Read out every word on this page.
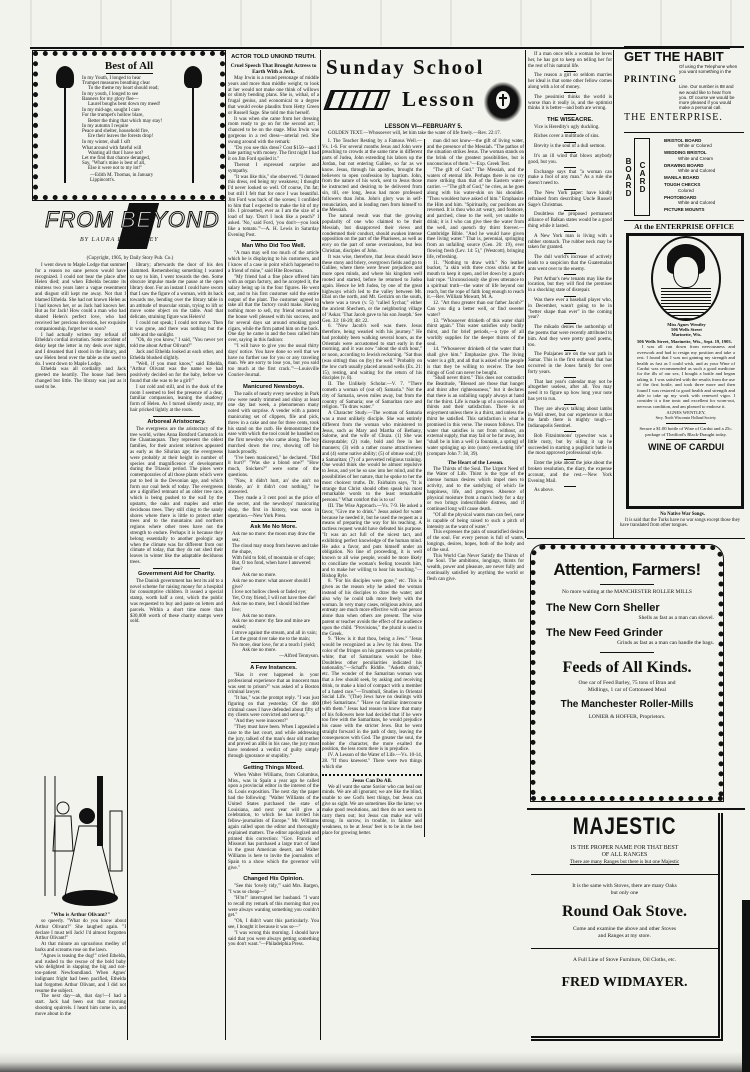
Best of All
In my Youth, I longed to hear
Trumpet measures breathing clear
To the theme my heart should read;
In my youth, I longed to see
Banners for my glory flee—
Laurel boughs bent down my meed!
In my mid-age, sought I care
For the trumpet's hollow blare,
Better the thing that which may stay!
In my autumn I require
Peace and shelter, household fire,
Ere their leaves the forests drop!
In my winter, shall I sift
What around with fateful will
Wanting all that I have not?
Let me find that chance deranged,
Say, "What's mine is best of all,
Else it were not to my lot!"
—Edith M. Thomas, in January Lippincott's.
FROM BEYOND
BY LAURA L. HINKLEY
(Copyright, 1905, by Daily Story Pub. Co.)

I went down to Maple Lodge that summer for a reason no sane person would have recognized. I could not bear the place after Helen died; and when Ethelda became its mistress two years later a vague resentment and disgust still kept me away. Not that I blamed Ethelda. She had not known Helen as I had known her, or as Jack had known her. But as for Jack! How could a man who had shared Helen's perfect love, who had received her precious devotion, her exquisite companionship, forget her so soon?

I had actually written my refusal of Ethelda's cordial invitation. Some accident of delay kept the letter in my desk over night, and I dreamed that I stood in the library, and saw Helen bend over the table as she used to do. I went down to Maple Lodge.

Ethelda was all cordiality and Jack greeted me heartily. The house had been changed but little. The library was just as it used to be.

"Who is Arthur Olivant?"

so queerly. "What do you know about Arthur Olivant?" She laughed again. "I declare I must tell Jack! I'd almost forgotten Arthur Olivant!"

At that minute an uproarious medley of barks and screams rose on the lawn.

"Agnes is teasing the dog!" cried Ethelda, and rushed to the rescue of the bold baby who delighted in slapping the big and not-too-patient Newfoundland. When Agnes' indignant fright had been pacified, Ethelda had forgotten Arthur Olivant, and I did not resume the subject.

The next day—ah, that day!—I had a start. Jack had been out that morning shooting squirrels. I heard him come in, and move about in the

library; afterwards the door of his den slammed. Remembering something I wanted to say to him, I went towards the den. Some obscure impulse made me pause at the open library door. For an instant I could have sworn that I saw the figure of a woman, with its back towards me, bending over the library table in an attitude of muscular strain, trying to lift or move some object on the table. And that delicate, straining figure was Helen's!

I could not speak; I could not move. Then it was gone, and there was nothing but the table and the sunlight.

"Oh, do you know," I said, "You never yet told me about Arthur Olivant?"

Jack and Ethelda looked at each other, and Ethelda blushed slightly.

"Well, if you must know," said Ethelda, "Arthur Olivant was the name we had positively decided on for the baby, before we found that she was to be a girl!"

I sat cold and still, and in the dusk of the room I seemed to feel the presence of a dear, familiar compassion, leaning the shadowy form of Helen. As I turned silently away, my hair pricked lightly at the roots.

Arboreal Aristocracy.

The evergreens are the aristocracy of the tree world, writes Anna Botsford Comstock in the Chautauquan. They represent the oldest families, for their ancient relatives appeared as early as the Silurian age; the evergreens were probably at their height in number of species and magnificence of development during the Triassic period. The pines were contemporaries of all those plants which were put to bed in the Devonian age, and which form our coal beds of today. The evergreens are a dignified remnant of an older tree race, which is being pushed to the wall by the upstarts, the oaks and maples and other deciduous trees. They still cling to the sandy shores where there is little to protect other trees and to the mountains and northern regions where other trees have not the strength to endure. Perhaps it is because they belong essentially to another geologic age when the climate was far different from our climate of today, that they do not shed their leaves in winter like the adaptable deciduous trees.

Government Aid for Charity.

The Danish government has lent its aid to a novel scheme for raising money for a hospital for consumptive children. It issued a special stamp, worth half a cent, which the public was requested to buy and paste on letters and parcels. Within a short time more than $30,000 worth of these charity stamps were sold.

ACTOR TOLD UNKIND TRUTH.
Cruel Speech That Brought Actress to Earth With a Jerk.

May Irwin is a round personage of middle years and more than middle weight; to look at her would not make one think of willows or slimly bending plans. She is, withal, of a frugal genius, and economical to a degree that would evoke plaudits from Hetty Green or Russell Sage. She told me this herself.

It was when she came from her dressing room ready to go on for the second act; I chanced to be on the stage. Miss Irwin was gorgeous in a red dress—arterial red. She swung around with the remark:

"Do you see this dress? Cost $150—and I hate parting with money. The first night I had it on Jim Ford spoiled it."

Thereat I expressed surprise and sympathy.

"It was like this," she observed. "I donned this dress, red being my weakness; I thought I'd never looked so well. Of course, I'm fat; but still I felt that for once I was beautiful. Jim Ford was back of the scenes; I confided to him that I expected to make the hit of my life. I pirouetted, ever as I am the size of a load of hay. 'Don't I look like a peach?' I asked. 'No,' said Ford, 'you don't—you look like a tomato.'"—A. H. Lewis in Saturday Evening Post.

Man Who Did Too Well.

"A man may sell too much of the article which he is displaying to his customers, and I know of a case in point which happened to a friend of mine," said Hite Bowman.

"My friend had a fine place offered him with an organ factory, and he accepted it, the salary being up in the four figures. He went out, and to his first customer sold the entire output of the plant. The customer agreed to take all that the factory could make. Having nothing more to sell, my friend returned to the house well pleased with his success, and for several days sat around smoking good cigars, while the firm patted him on the back. One day he came in and the boss called him over, saying in this fashion:

"'I will have to give you the usual thirty days' notice. You have done so well that we have no further use for you or any traveling man. We are sorry to lose you, but you sold too much at the first crack.'"—Louisville Courier-Journal.

Manicured Newsboys.

The nails of nearly every newsboy in Park row were neatly trimmed and shiny at least one day last week, a phenomenon many noted with surprise. A vender with a patent manicuring set of clippers, file and pick, threw in a cake and one for three cents, took his stand on the curb. He demonstrated the ease with which the tool could be handled on the first newsboy who came along. The boy marched down the row, showing off his hands proudly.

"I've been manicured," he declared. "Did it hurt?" "Was she a blond one?" "How much, Snickers?" were some of the questions.

"Naw, it didn't hurt, an' she ain't no blonde, an' it didn't cost nothing," he answered.

They made a 3 cent pool as the price of the secret, and the newsboys' manicuring shop, the first in history, was soon in operation.—New York Press.

Ask Me No More.
Ask me no more: the moon may draw the sea;
The cloud may stoop from heaven and take the shape,
With fold to fold, of mountain or of cape;
But, O too fond, when have I answered thee?
Ask me no more.
Ask me no more: what answer should I give?
I love not hollow cheek or faded eye;
Yet, O my friend, I will not have thee die!
Ask me no more, lest I should bid thee live;
Ask me no more.
Ask me no more: thy fate and mine are sealed;
I strove against the stream, and all in vain;
Let the great river take me to the main;
No more, dear love, for at a touch I yield;
Ask me no more.
—Alfred Tennyson.
A Few Instances.

"Has it ever happened in your professional experience that an innocent man was sent to prison?" was asked of a Boston criminal lawyer.

"It has," was the prompt reply. "I was just figuring on that yesterday. Of the 400 criminal cases I have defended about fifty of my clients were convicted and sent up."

"And they were innocent?"

"They must have been. When I appealed a case to the last court, and while addressing the jury, talked of the man's dear old mother and proved an alibi in his case, the jury must have rendered a verdict of guilty simply through ignorance or stupidity."

Getting Things Mixed.

When Walter Williams, from Columbus, Miss., was in Spain a year ago he called upon a provincial editor in the interest of the St. Louis exposition. The next day the paper had the following: "Walter Williams of the United States purchased the state of Louisiana, and next year will give a celebration, to which he has invited his fellow-journalists of Europe." Mr. Williams again called upon the editor and thoroughly explained matters. The editor apologized and printed this correction: "Gov. Francis of Missouri has purchased a large tract of land in the great American desert, and Walter Williams is here to invite the journalists of Spain to a show which the governor will give."

Changed His Opinion.

"See this 'lovely tidy,'" said Mrs. Bargen, "I was so cheap—"

"H'm!" interrupted her husband. "I want to recall my remark of this morning that you were always wanting something you couldn't get."

"Oh, I didn't want this particularly. You see, I bought it because it was so—"

"I was wrong this morning. I should have said that you were always getting something you don't want."—Philadelphia Press.

Sunday School
Lesson
LESSON VI—FEBRUARY 5.
GOLDEN TEXT.—Whosoever will, let him take the water of life freely.—Rev. 22:17.

I. The Teacher Resting by a Famous Well.—Vs. 1-6. For several months Jesus and John were preaching to crowds at the same time in different parts of Judea, John extending his labors up the Jordan, but not entering Galilee, so far as we know. Jesus, through his apostles, brought the believers to open confession by baptism. John, from the nature of his work, sent to Jesus those he instructed and desiring to be delivered from sin, till, ere long, Jesus had more professed followers than John. John's glory was in self-renunciation, and in leading men from himself to the Messiah.

The natural result was that the growing popularity of one who claimed to be their Messiah, but disapproved their views and condemned their conduct, should awaken intense opposition on the part of the Pharisees, as well as envy on the part of some overzealous, but less Christian, disciples of John.

It was wise, therefore, that Jesus should leave these stony and briery, overgrown fields and go to Galilee, where there were fewer prejudices and more open minds, and where his kingdom well rooted and started, before he returned to Judea again. Hence he left Judea, by one of the great highways which led to the valley between Mt. Ebal on the north, and Mt. Gerizim on the south, where was a town (v. 5) "called Sychar," either the ancient Shechem, or the neighboring village of 'Askar. 'That Jacob gave to his son Joseph.' See Gen. 33: 18-20; 48: 22.

6. "Now Jacob's well was there. Jesus therefore, being wearied with his journey." He had probably been walking several hours, as the Orientals were accustomed to start early in the morning, and it was now "about the sixth hour," or noon, according to Jewish reckoning. "Sat thus (was sitting) thus on (by) the well." Probably on the low curb usually placed around wells (Ex. 21: 15), resting, and waiting for the return of his disciples (v. 8).

II. The Unlikely Scholar.—V. 7. "There cometh a woman of (out of) Samaria." Not the city of Samaria, seven miles away, but from the country of Samaria; one of Samaritan race and religion. "To draw water."

A Character Study.—The woman of Samaria was a most unlikely disciple. She was entirely different from the woman who ministered to Jesus, such as Mary and Martha of Bethany, Salome, and the wife of Chuza. (1) She was disreputable; (2) rude, bold and free in her manners; (3) with a rather coarse attractiveness and (4) some native ability; (5) of obtuse soul; (6) a Samaritan; (7) of a perverted religious training. One would think she would be almost repulsive to Jesus, and yet he so saw into her mind, and the possibilities of her nature, that he spoke to her the most choicest truths. Dr. Fairbairn says, "It is strange that Christ should often speak his most remarkable words to the least remarkable persons." What comfort this is to us!

III. The Wise Approach.—Vs. 7-9. He asked a favor, "Give me to drink." Jesus asked for water because he needed it, but he used the request as a means of preparing the way for his teaching. A tactless request would have defeated his purpose. "It was an act full of the nicest tact, and exhibiting perfect knowledge of the human mind. He asks a favor, and puts himself under an obligation. No line of proceeding, it is well known to all wise people, would be more likely to conciliate the woman's feeling towards him, and to make her willing to hear his teaching."—Bishop Ryle.

8. "For his disciples were gone," etc. This is given as the reason why he asked the woman instead of his disciples to draw the water; and also why he could talk more freely with the woman. In very many cases, religious advice, and entreaty are much more effective with one person alone than when others are present. The wise parent or teacher avoids the effect of the audience upon the child. "Provisions," the plural is used in the Greek.

9. "How is it that thou, being a Jew." "Jesus would be recognized as a Jew by his dress. The color of the fringes on his garments was probably white; that of Samaritans would be blue. Doubtless other peculiarities indicated his nationality."—Schaff's Riddle. "Asketh drink," etc. The wonder of the Samaritan woman was that a Jew should seek, by asking and receiving drink, to make a kind of compact with a member of a hated race."—Trumbull, Studies in Oriental Social Life. "(The) Jews have no dealings with (the) Samaritans." "Have no familiar intercourse with them." Jesus had reason to know that many of his followers here had decided that if he were too free with the Samaritans, he would prejudice his cause with the stricter Jews. But he went straight forward in the path of duty, leaving the consequences with God. The greater the soul, the nobler the character, the more exalted the position, the less room there is in prejudice.

IV. A Lesson of the Water of Life.—Vs. 10-14, 28. "If thou knewest." There were two things which she

Jesus Can Do All.

We all want the same Savior who can heal our minds. We are all ignorant; we are like the blind, unable to see God's best things, but Jesus can give us sight. We are sometimes like the lame; we make good resolutions, and then do not seem to carry them out; but Jesus can make our will strong. In sorrow, in trouble, in failure and weakness, to be at Jesus' feet is to be in the best place for growing better.

man did not know—the gift of living water, and the presence of the Messiah. "The pathos of the situation strikes Jesus. The woman stands on the brink of the greatest possibilities, but is unconscious of them."—Exp. Greek Test.

"The gift of God." The Messiah, and the waters of eternal life. Perhaps there is no cry more striking than that of the Eastern water-carrier. —"The gift of God," he cries, as he goes along with his water-skin on his shoulder. "Thou wouldest have asked of him." Emphasize the Him and him. "Spiritually, our positions are reversed. It is thou who art weary, and footsore, and parched, close to the well, yet unable to drink; it is I who can give thee the water from the well, and quench thy thirst forever.—Cambridge Bible. "And he would have given thee living water." That is, perennial, springing from an unfailing source (Gen. 26: 19), ever flowing fresh (Lev. 14: 5)," (Westcott), bringing life, refreshing.

11. "Nothing to draw with." No leather bucket, "a skin with three cross sticks at the mouth to keep it open, and let down by a goat's hair rope. "Unconsciously she gives utterance to a spiritual truth—the water of life beyond our reach, but the rope of faith long enough to reach it.—Rev. William Mowatt, M. A.

12. "Art thou greater than our father Jacob?" Can you dig a better well, or find sweeter water?

13. "Whosoever drinketh of this water shall thirst again." This water satisfies only bodily thirst, and for brief periods,—a type of all worldly supplies for the deeper thirsts of the soul.

14. "Whosoever drinketh of the water that I shall give him." Emphasize give. The living water is a gift, and all that is asked of the people is that they be willing to receive. The best things of God can never be bought.

"Shall never thirst." This does not contradict the Beatitude, "Blessed are those that hunger and thirst after righteousness," but it declares that there is an unfailing supply always at hand for the thirst. Life is made up of a succession of thirsts and their satisfaction. There is no enjoyment unless there is a thirst, and unless the thirst be satisfied. This satisfaction is what is promised in this verse. The reason follows. The water that satisfies is not from without, an external supply, that may fail or be far away, but "shall be in him a well (a fountain, a spring) of water springing up into (unto) everlasting life" (compare John 7: 38, 39).

The Heart of the Lesson.

The Thirsts of the Soul. The Urgent Need of the Water of Life. Thirst is the type of the intense human desires which impel men to activity, and to the satisfying of which lie happiness, life, and progress. Absence of physical moisture from a man's body for a day or two brings indescribable distress, and if continued long will cause death.

"Of all the physical wants man can feel, none is capable of being raised to such a pitch of intensity as the want of water."

This expresses the pain of unsatisfied desires of the soul. For every person is full of wants, longings, desires, hopes, both of the body and of the soul.

This World Can Never Satisfy the Thirsts of the Soul. The ambitions, longings, thirsts for wealth, power and pleasure, are never fully and continually satisfied by anything the world or flesh can give.

If a man once tells a woman he loves her, he has got to keep on telling her for the rest of his natural life.

The reason a girl so seldom marries her ideal is that some other fellow comes along with a lot of money.

The pessimist thinks the world is worse than it really is, and the optimist thinks it is better—and both are wrong.

THE WISEACRE.

Vice is Heredity's ugly duckling.

Riches cover a multitude of sins.

Brevity is the soul of a dull sermon.

It's an ill wind that blows anybody good, but you.

Exchange says that "a woman can make a fool of any man." As a rule she doesn't need to.

The New York paper: have kindly refrained from describing Uncle Russell Sage's Christmas.

Doubtless the proposed permanent alliance of Balkan states would be a good thing while it lasted.

A New York man is living with a rubber stomach. The rubber neck may be taken for granted.

The dull world's increase of actively leads to a suspicion that the Guatemalan ants went over to the enemy.

Port Arthur's new tenants may like the location, but they will find the premises in a shocking state of disrepair.

Was there ever a baseball player who, in December, wasn't going to be in "better shape than ever" in the coming year?

The mikado denies the authorship of the poems that were recently attributed to him. And they were pretty good poems, too.

The Pulajanes are on the war path in Samar. This is the first outbreak that has occurred in the Jones family for over forty years.

That last year's calendar may not be altogether useless, after all. You may need it to figure up how long your note has yet to run.

They are always talking about lambs in Wall street, but our experience is that the lamb there is mighty tough.—Indianapolis Sentinel.

Bob Fitzsimmons' typewriter was a little rusty, but by oiling it up he succeeded in starting a pugilistic battle in the most approved professional style.

Enter the joke about the joke about the broken resolution, the diary, the expense account, and the rest.—New York Evening Mail.

As above.

GET THE HABIT
Of using the Telephone when you want something in the
PRINTING
Line. Our number is 88 and we would like to hear from you. Of course we would be more pleased if you would make a personal call.
THE ENTERPRISE.
CARD BOARD
BRISTOL BOARD
White or Colored
WEDDING BRISTOL
White and Cream
DRAWING BOARD
White and Colored
MANILA BOARD
TOUGH CHECKS
Colored
PHOTOBOARD
White and Colored
PICTURE MOUNTS
At the ENTERPRISE OFFICE
Miss Agnes Wentley
506 Wells Street
Marinette, Wis.
506 Wells Street, Marinette, Wis., Sept. 19, 1903.
I was all run down from nervousness and overwork and had to resign my position and take a rest. I found that I was not gaining my strength and health as fast as I could wish, and as your Wine of Cardui was recommended as such a good medicine for the ills of our sex, I bought a bottle and began taking it. I was satisfied with the results from the use of the first bottle, and took three more and then found I was restored to good health and strength and able to take up my work with renewed vigor. I consider it a fine tonic and excellent for worn-out, nervous condition, and am pleased to endorse it.
AGNES WENTLEY,
Secy. North Wisconsin Holland Society.
Secure a $1.00 bottle of Wine of Cardui and a 25c. package of Thedford's Black-Draught today.
WINE OF CARDUI
No Native War Songs.
It is said that the Turks have no war songs except those they have translated from other tongues.
Attention, Farmers!
No more waiting at the MANCHESTER ROLLER MILLS
The New Corn Sheller
Shells as fast as a man can shovel.
The New Feed Grinder
Grinds as fast as a man can handle the bags.
Feeds of All Kinds.
One car of Feed Barley, 75 tons of Bran and
Midlings, 1 car of Cottonseed Meal
The Manchester Roller-Mills
LONIER & HOFFER, Proprietors.
MAJESTIC
IS THE PROPER NAME FOR THAT BEST
OF ALL RANGES
There are many Ranges but there is but one Majestic
It is the same with Stoves, there are many Oaks
but only one
Round Oak Stove.
Come and examine the above and other Stoves
and Ranges at my store.
A Full Line of Stove Furniture, Oil Cloths, etc.
FRED WIDMAYER.
